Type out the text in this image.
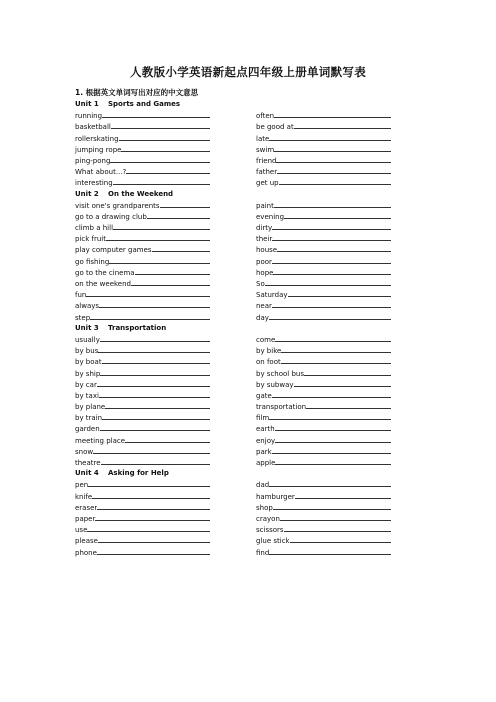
人教版小学英语新起点四年级上册单词默写表
1. 根据英文单词写出对应的中文意思
Unit 1 Sports and Games
running	often
basketball	be good at
rollerskating	late
jumping rope	swim
ping-pong	friend
What about...?	father
interesting	get up
Unit 2 On the Weekend
visit one's grandparents	paint
go to a drawing club	evening
climb a hill	dirty
pick fruit	their
play computer games	house
go fishing	poor
go to the cinema	hope
on the weekend	So
fun	Saturday
always	near
step	day
Unit 3 Transportation
usually	come
by bus	by bike
by boat	on foot
by ship	by school bus
by car	by subway
by taxi	gate
by plane	transportation
by train	film
garden	earth
meeting place	enjoy
snow	park
theatre	apple
Unit 4 Asking for Help
pen	dad
knife	hamburger
eraser	shop
paper	crayon
use	scissors
please	glue stick
phone	find
